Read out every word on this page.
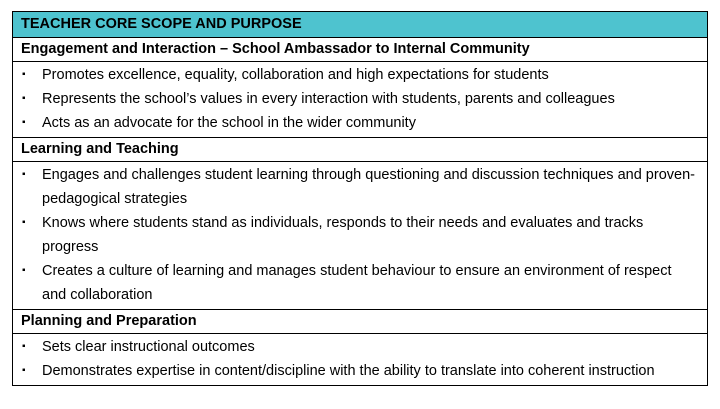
TEACHER CORE SCOPE AND PURPOSE
Engagement and Interaction – School Ambassador to Internal Community
▪ Promotes excellence, equality, collaboration and high expectations for students
▪ Represents the school’s values in every interaction with students, parents and colleagues
▪ Acts as an advocate for the school in the wider community
Learning and Teaching
▪ Engages and challenges student learning through questioning and discussion techniques and proven-pedagogical strategies
▪ Knows where students stand as individuals, responds to their needs and evaluates and tracks progress
▪ Creates a culture of learning and manages student behaviour to ensure an environment of respect and collaboration
Planning and Preparation
▪ Sets clear instructional outcomes
▪ Demonstrates expertise in content/discipline with the ability to translate into coherent instruction
